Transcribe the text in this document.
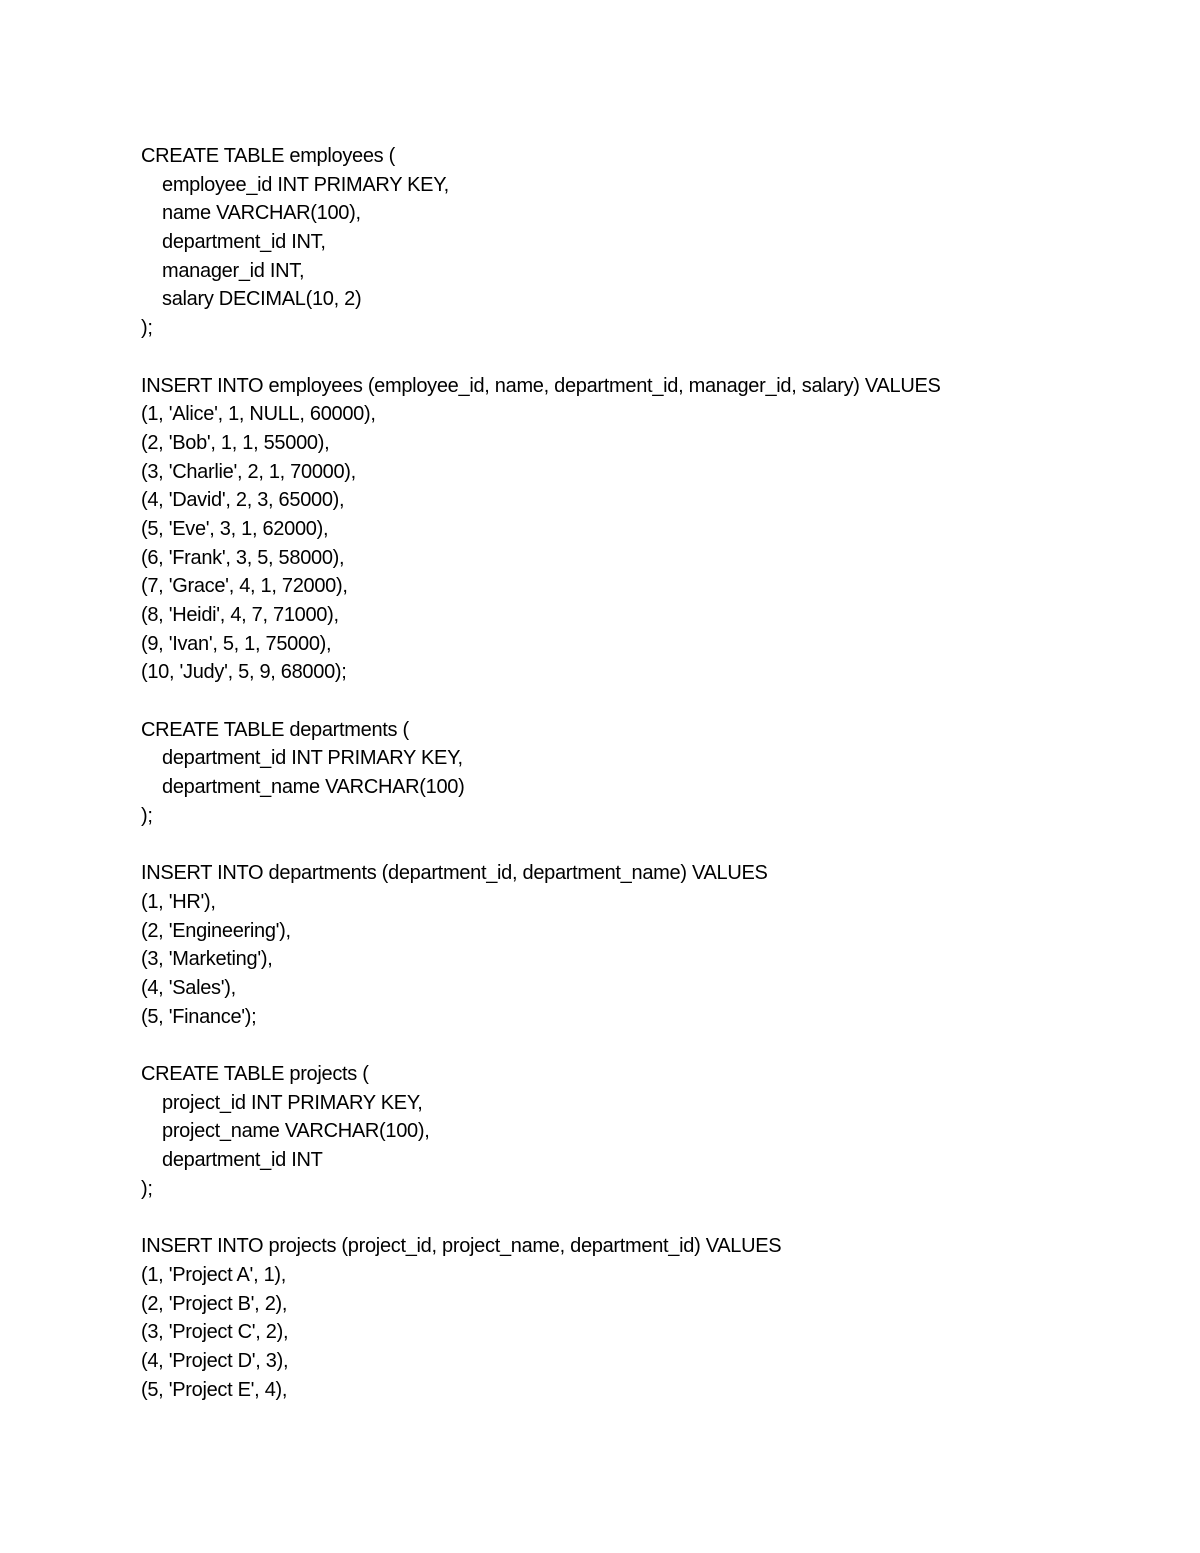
CREATE TABLE employees (
employee_id INT PRIMARY KEY,
name VARCHAR(100),
department_id INT,
manager_id INT,
salary DECIMAL(10, 2)
);
INSERT INTO employees (employee_id, name, department_id, manager_id, salary) VALUES
(1, 'Alice', 1, NULL, 60000),
(2, 'Bob', 1, 1, 55000),
(3, 'Charlie', 2, 1, 70000),
(4, 'David', 2, 3, 65000),
(5, 'Eve', 3, 1, 62000),
(6, 'Frank', 3, 5, 58000),
(7, 'Grace', 4, 1, 72000),
(8, 'Heidi', 4, 7, 71000),
(9, 'Ivan', 5, 1, 75000),
(10, 'Judy', 5, 9, 68000);
CREATE TABLE departments (
department_id INT PRIMARY KEY,
department_name VARCHAR(100)
);
INSERT INTO departments (department_id, department_name) VALUES
(1, 'HR'),
(2, 'Engineering'),
(3, 'Marketing'),
(4, 'Sales'),
(5, 'Finance');
CREATE TABLE projects (
project_id INT PRIMARY KEY,
project_name VARCHAR(100),
department_id INT
);
INSERT INTO projects (project_id, project_name, department_id) VALUES
(1, 'Project A', 1),
(2, 'Project B', 2),
(3, 'Project C', 2),
(4, 'Project D', 3),
(5, 'Project E', 4),
